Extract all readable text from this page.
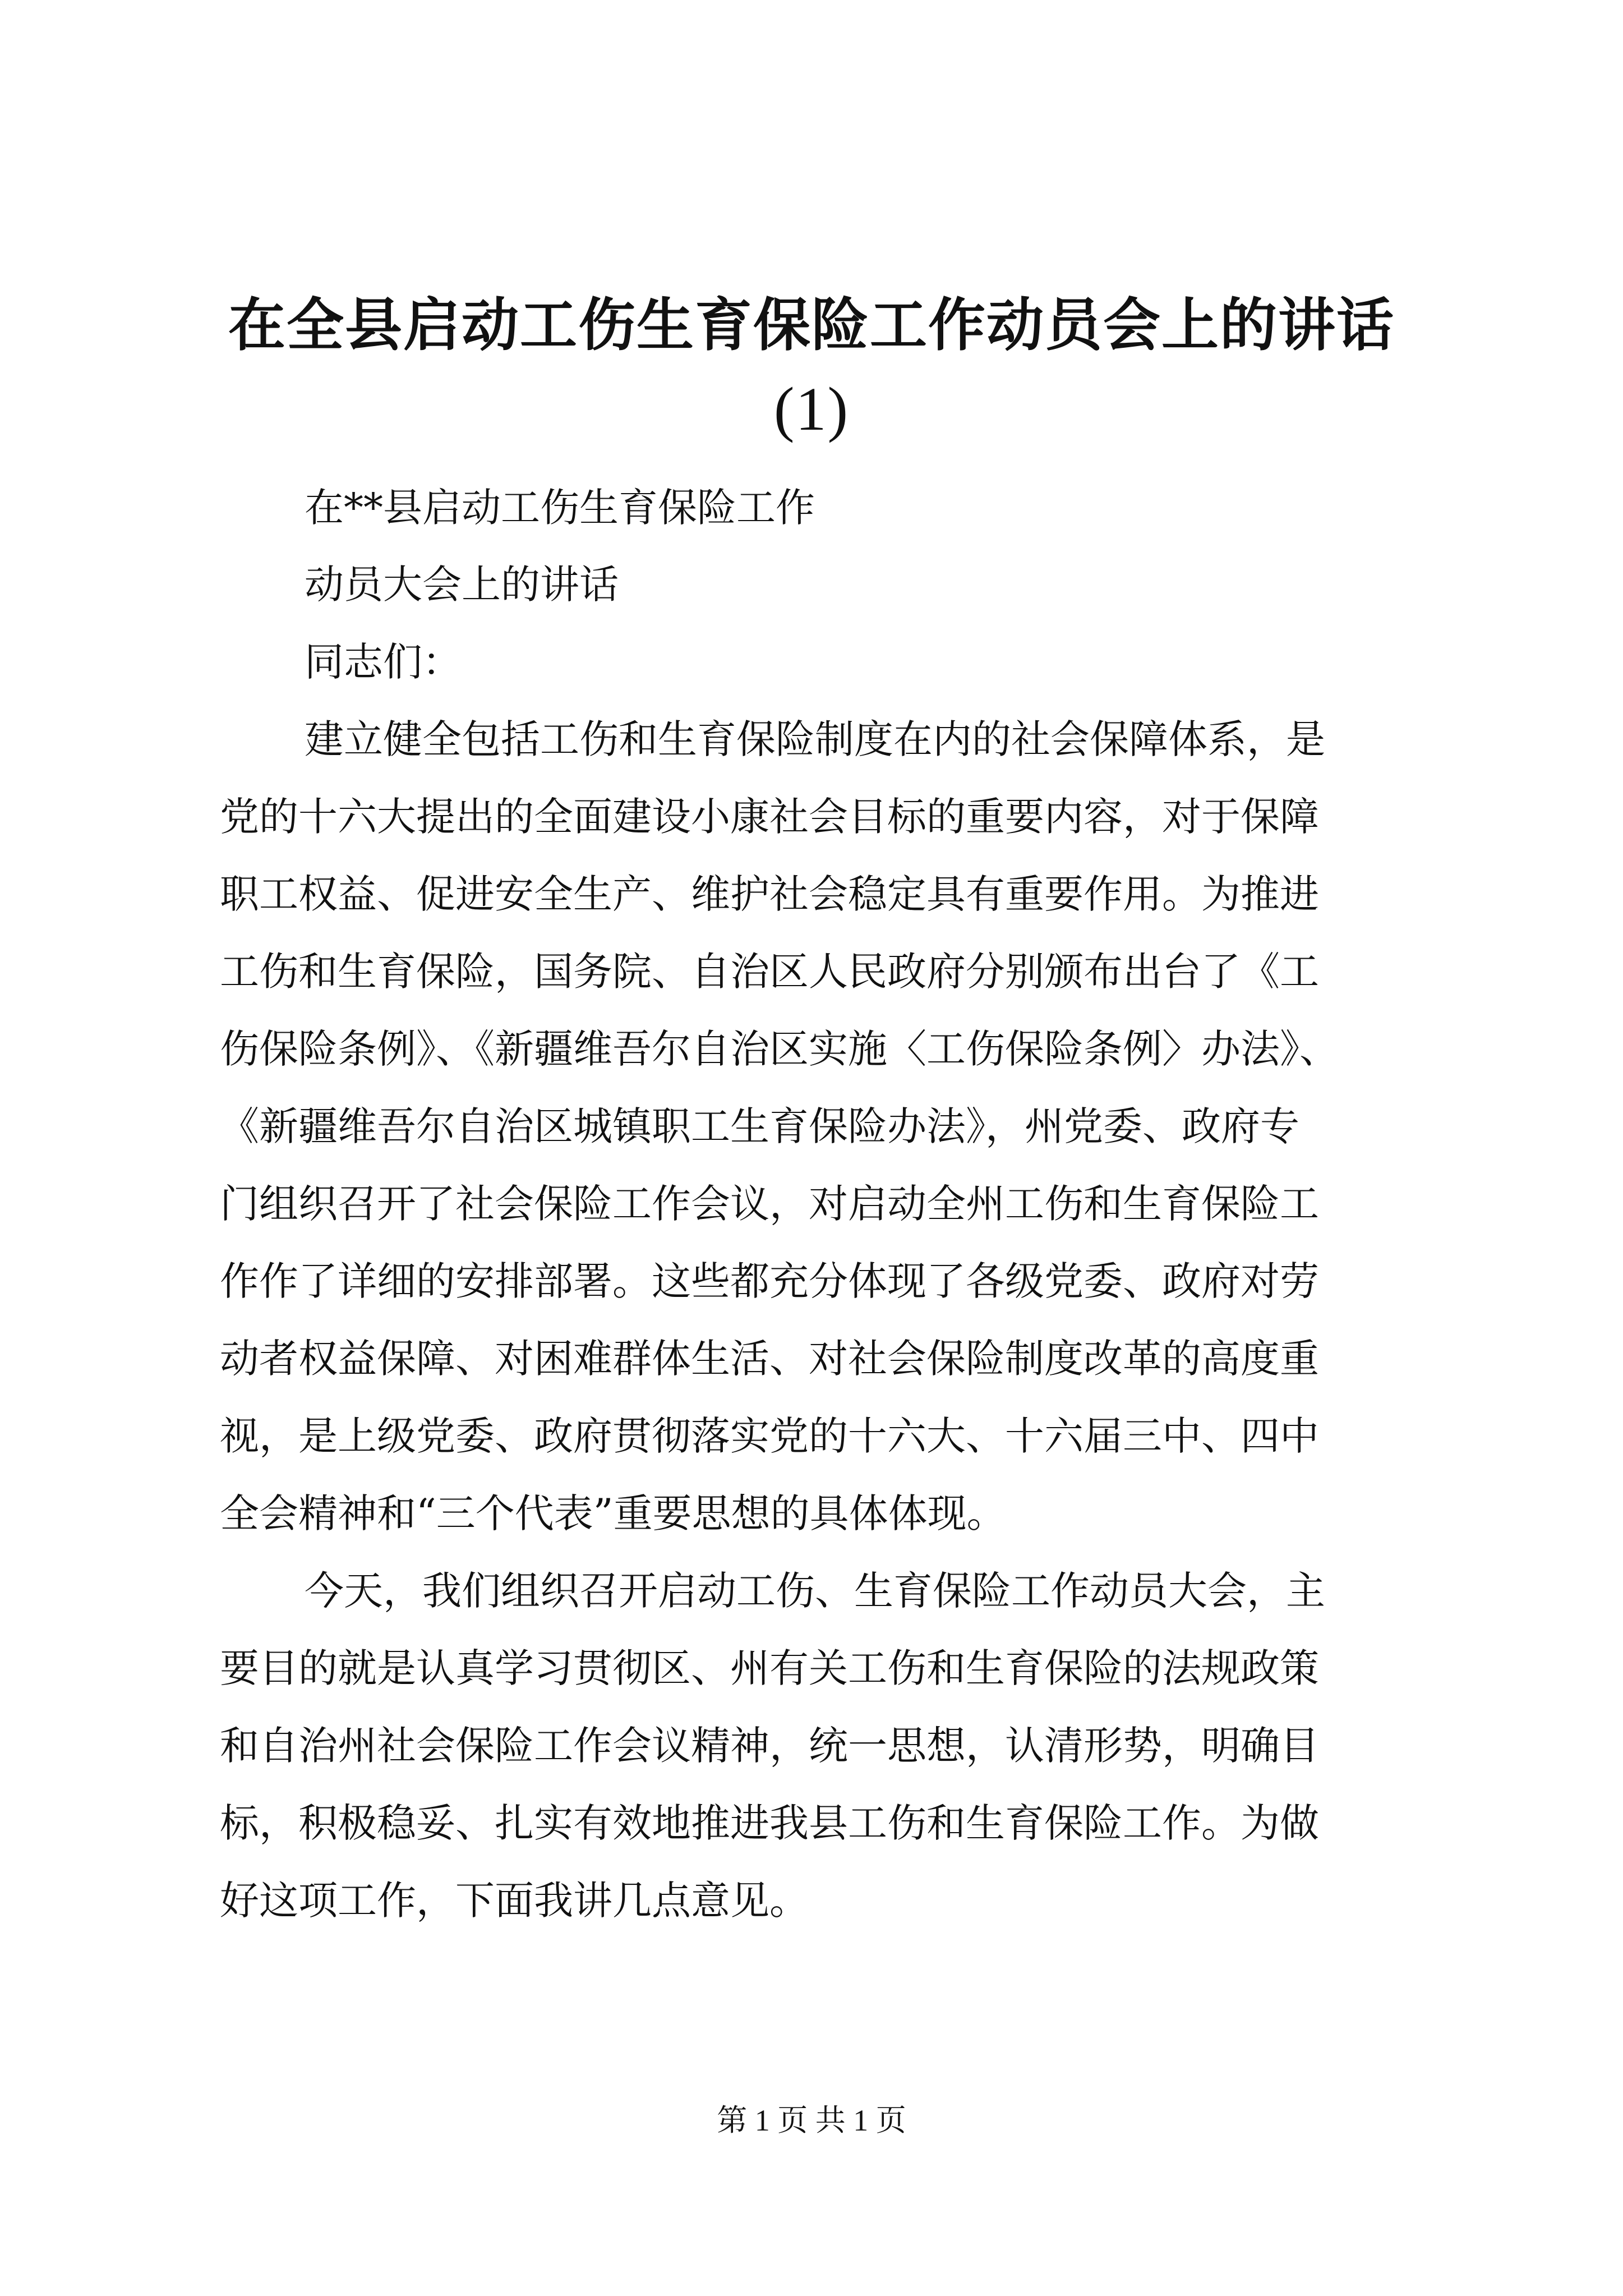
在全县启动工伤生育保险工作动员会上的讲话
(1)
在**县启动工伤生育保险工作
动员大会上的讲话
同志们：
建立健全包括工伤和生育保险制度在内的社会保障体系，是
党的十六大提出的全面建设小康社会目标的重要内容，对于保障
职工权益、促进安全生产、维护社会稳定具有重要作用。为推进
工伤和生育保险，国务院、自治区人民政府分别颁布出台了《工
伤保险条例》、《新疆维吾尔自治区实施〈工伤保险条例〉办法》、
《新疆维吾尔自治区城镇职工生育保险办法》，州党委、政府专
门组织召开了社会保险工作会议，对启动全州工伤和生育保险工
作作了详细的安排部署。这些都充分体现了各级党委、政府对劳
动者权益保障、对困难群体生活、对社会保险制度改革的高度重
视，是上级党委、政府贯彻落实党的十六大、十六届三中、四中
全会精神和“三个代表”重要思想的具体体现。
今天，我们组织召开启动工伤、生育保险工作动员大会，主
要目的就是认真学习贯彻区、州有关工伤和生育保险的法规政策
和自治州社会保险工作会议精神，统一思想，认清形势，明确目
标，积极稳妥、扎实有效地推进我县工伤和生育保险工作。为做
好这项工作，下面我讲几点意见。
第 1 页 共 1 页
